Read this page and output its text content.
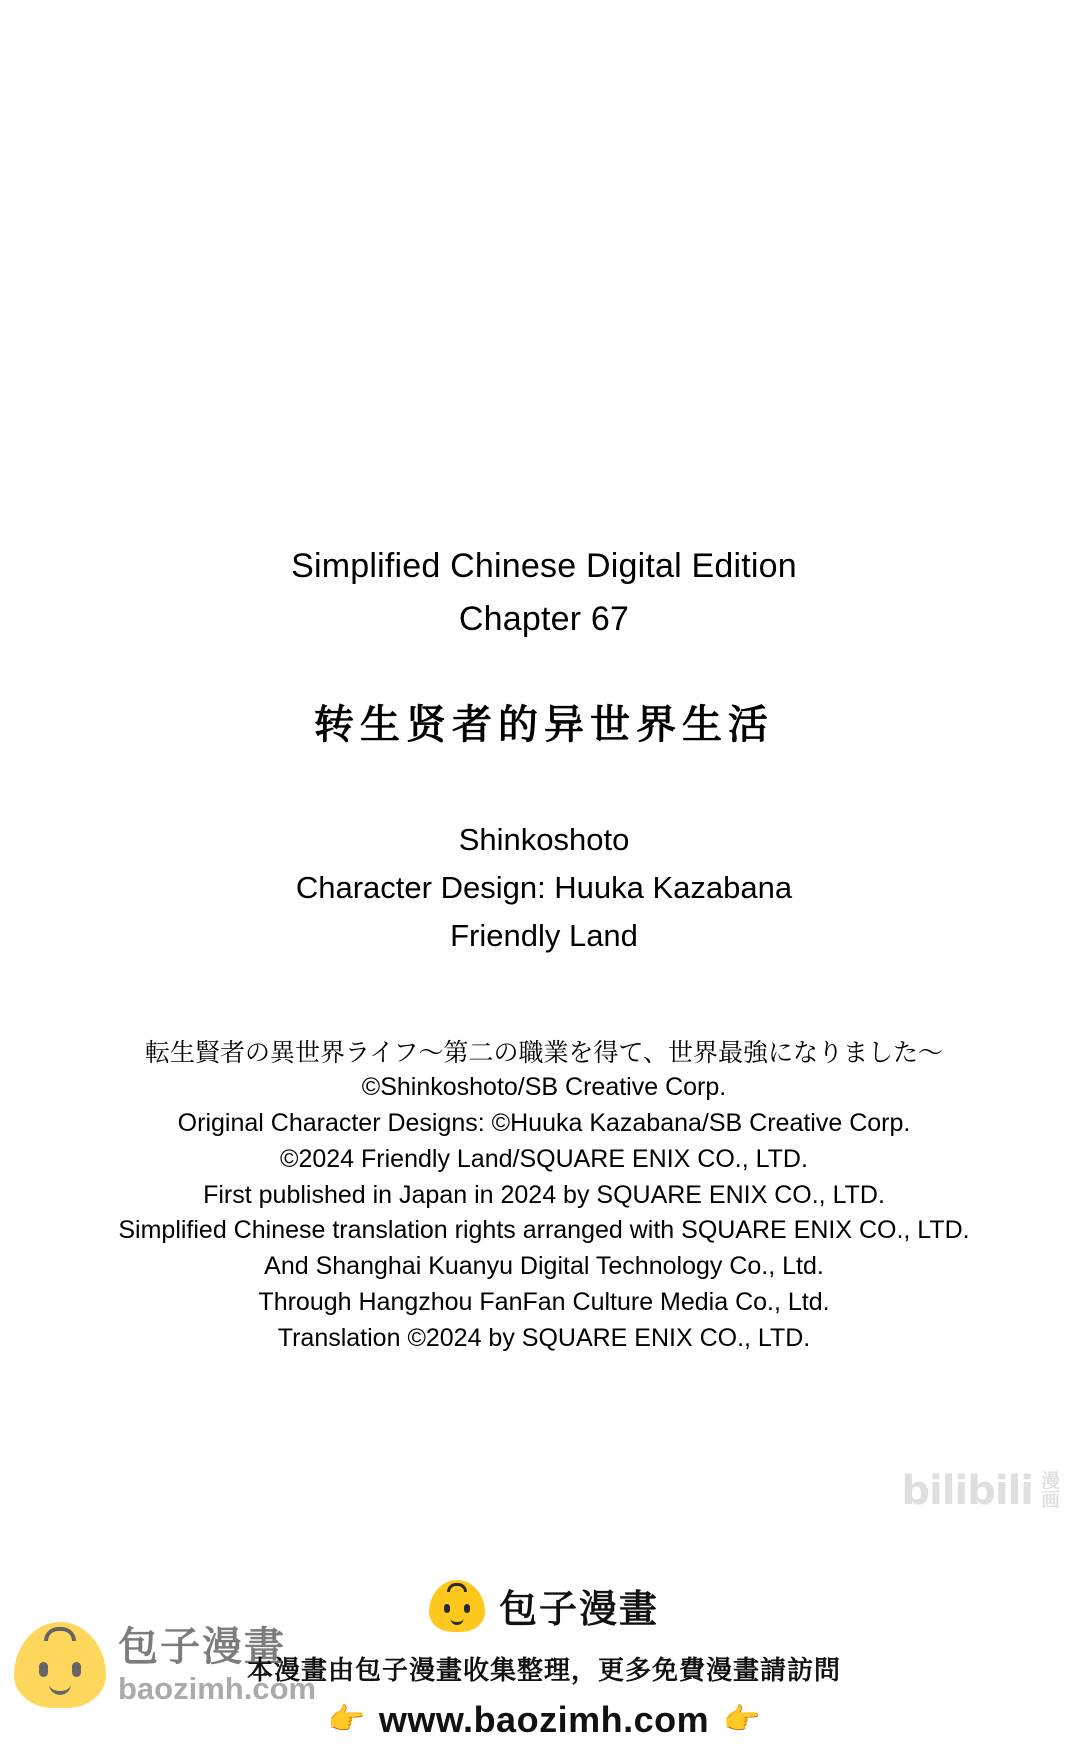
Simplified Chinese Digital Edition
Chapter 67
转生贤者的异世界生活
Shinkoshoto
Character Design: Huuka Kazabana
Friendly Land
転生賢者の異世界ライフ〜第二の職業を得て、世界最強になりました〜
©Shinkoshoto/SB Creative Corp.
Original Character Designs: ©Huuka Kazabana/SB Creative Corp.
©2024 Friendly Land/SQUARE ENIX CO., LTD.
First published in Japan in 2024 by SQUARE ENIX CO., LTD.
Simplified Chinese translation rights arranged with SQUARE ENIX CO., LTD.
And Shanghai Kuanyu Digital Technology Co., Ltd.
Through Hangzhou FanFan Culture Media Co., Ltd.
Translation ©2024 by SQUARE ENIX CO., LTD.
bilibili 漫
画
包子漫畫
包子漫畫
baozimh.com
本漫畫由包子漫畫收集整理，更多免費漫畫請訪問
👉 www.baozimh.com 👉
